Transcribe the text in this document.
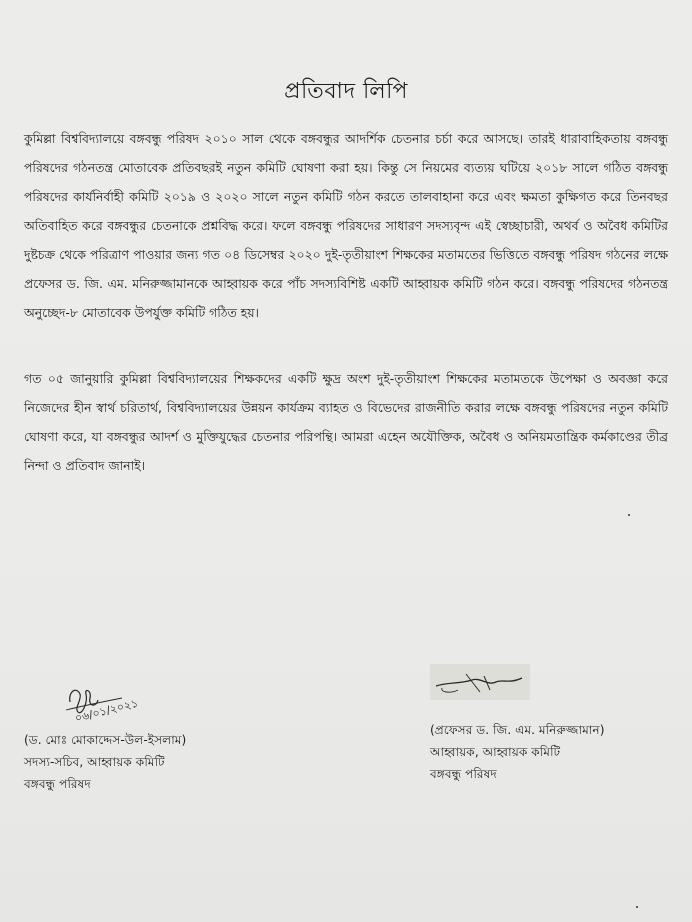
প্রতিবাদ লিপি

কুমিল্লা বিশ্ববিদ্যালয়ে বঙ্গবন্ধু পরিষদ ২০১০ সাল থেকে বঙ্গবন্ধুর আদর্শিক চেতনার চর্চা করে আসছে। তারই ধারাবাহিকতায় বঙ্গবন্ধু পরিষদের গঠনতন্ত্র মোতাবেক প্রতিবছরই নতুন কমিটি ঘোষণা করা হয়। কিন্তু সে নিয়মের ব্যত্যয় ঘটিয়ে ২০১৮ সালে গঠিত বঙ্গবন্ধু পরিষদের কার্যনির্বাহী কমিটি ২০১৯ ও ২০২০ সালে নতুন কমিটি গঠন করতে তালবাহানা করে এবং ক্ষমতা কুক্ষিগত করে তিনবছর অতিবাহিত করে বঙ্গবন্ধুর চেতনাকে প্রশ্নবিদ্ধ করে। ফলে বঙ্গবন্ধু পরিষদের সাধারণ সদস্যবৃন্দ এই স্বেচ্ছাচারী, অথর্ব ও অবৈধ কমিটির দুষ্টচক্র থেকে পরিত্রাণ পাওয়ার জন্য গত ০৪ ডিসেম্বর ২০২০ দুই-তৃতীয়াংশ শিক্ষকের মতামতের ভিত্তিতে বঙ্গবন্ধু পরিষদ গঠনের লক্ষে প্রফেসর ড. জি. এম. মনিরুজ্জামানকে আহ্বায়ক করে পাঁচ সদস্যবিশিষ্ট একটি আহ্বায়ক কমিটি গঠন করে। বঙ্গবন্ধু পরিষদের গঠনতন্ত্র অনুচ্ছেদ-৮ মোতাবেক উপর্যুক্ত কমিটি গঠিত হয়।

গত ০৫ জানুয়ারি কুমিল্লা বিশ্ববিদ্যালয়ের শিক্ষকদের একটি ক্ষুদ্র অংশ দুই-তৃতীয়াংশ শিক্ষকের মতামতকে উপেক্ষা ও অবজ্ঞা করে নিজেদের হীন স্বার্থ চরিতার্থ, বিশ্ববিদ্যালয়ের উন্নয়ন কার্যক্রম ব্যাহত ও বিভেদের রাজনীতি করার লক্ষে বঙ্গবন্ধু পরিষদের নতুন কমিটি ঘোষণা করে, যা বঙ্গবন্ধুর আদর্শ ও মুক্তিযুদ্ধের চেতনার পরিপন্থি। আমরা এহেন অযৌক্তিক, অবৈধ ও অনিয়মতান্ত্রিক কর্মকাণ্ডের তীব্র নিন্দা ও প্রতিবাদ জানাই।

০৬/০১/২০২১
(ড. মোঃ মোকাদ্দেস-উল-ইসলাম)
সদস্য-সচিব, আহ্বায়ক কমিটি
বঙ্গবন্ধু পরিষদ
(প্রফেসর ড. জি. এম. মনিরুজ্জামান)
আহ্বায়ক, আহ্বায়ক কমিটি
বঙ্গবন্ধু পরিষদ
